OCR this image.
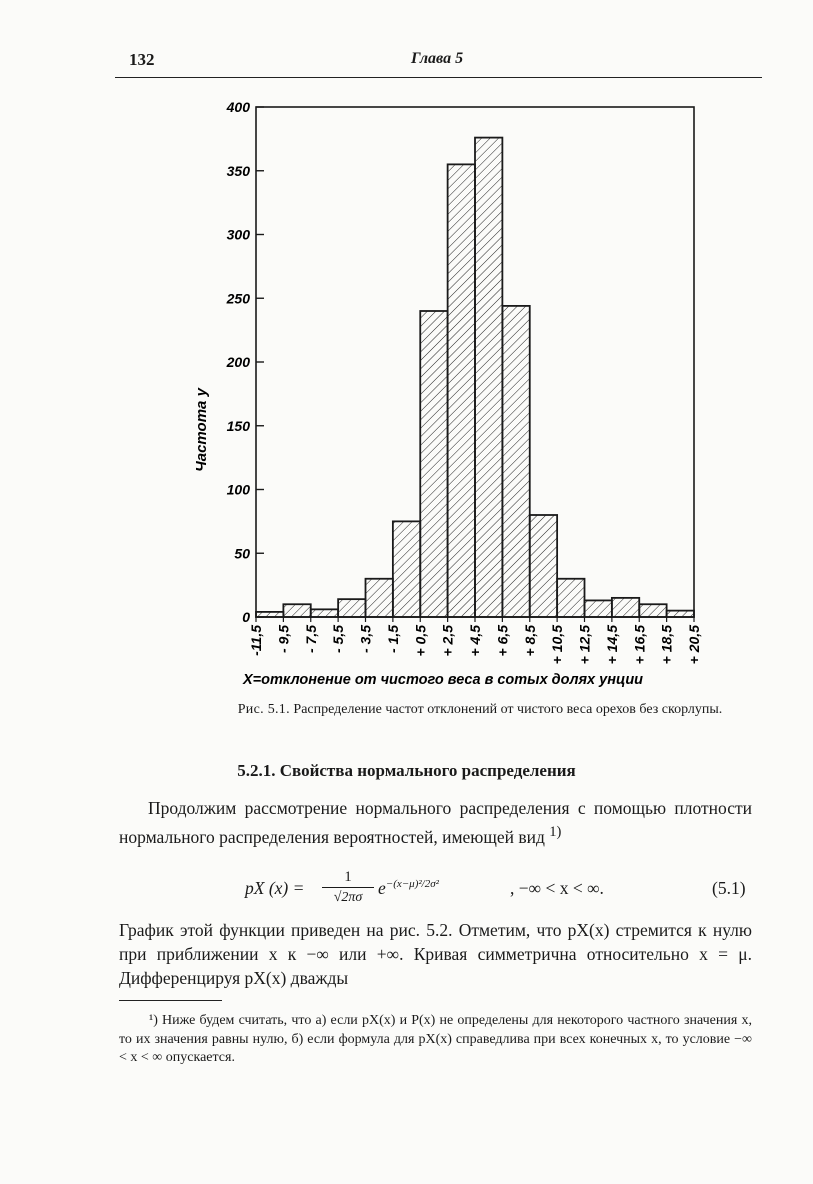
132	Глава 5
0
50
100
150
200
250
300
350
400
-11,5 - 9,5 - 7,5 - 5,5 - 3,5 - 1,5 + 0,5 + 2,5 + 4,5 + 6,5 + 8,5 + 10,5 + 12,5 + 14,5 + 16,5 + 18,5 + 20,5
Частота у
X=отклонение от чистого веса в сотых долях унции
Рис. 5.1. Распределение частот отклонений от чистого веса орехов без скорлупы.
5.2.1. Свойства нормального распределения
Продолжим рассмотрение нормального распределения с помощью плотности нормального распределения вероятностей, имеющей вид $^{1)}$
pX (x) =
1
√2πσ $e^{-(x-\mu)^2/2\sigma^2}$	, −∞ < x < ∞.	(5.1)
График этой функции приведен на рис. 5.2. Отметим, что pX(x) стремится к нулю при приближении x к −∞ или +∞. Кривая симметрична относительно x = μ. Дифференцируя pX(x) дважды
¹) Ниже будем считать, что а) если pX(x) и P(x) не определены для некоторого частного значения x, то их значения равны нулю, б) если формула для pX(x) справедлива при всех конечных x, то условие −∞ < x < ∞ опускается.
